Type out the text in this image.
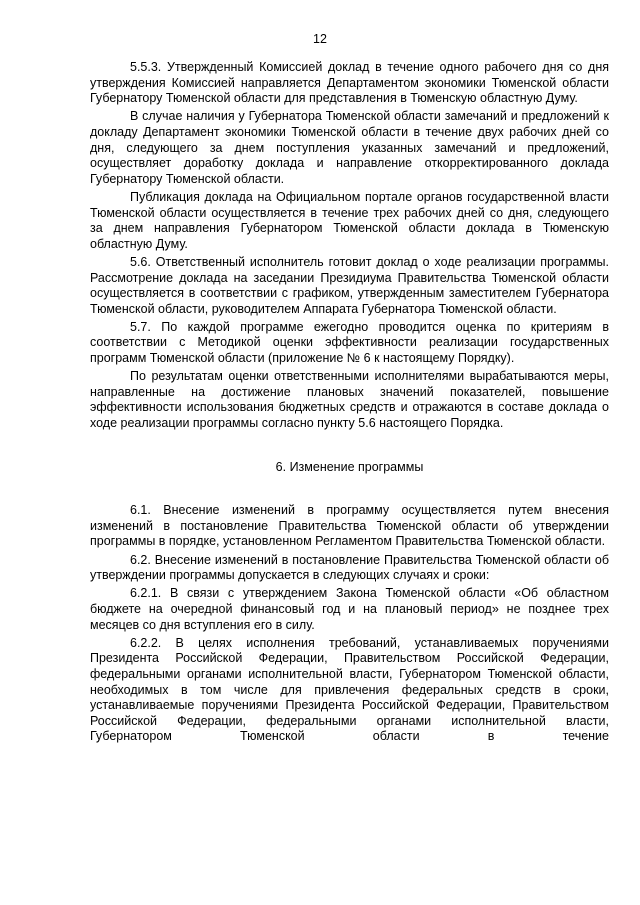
12

5.5.3. Утвержденный Комиссией доклад в течение одного рабочего дня со дня утверждения Комиссией направляется Департаментом экономики Тюменской области Губернатору Тюменской области для представления в Тюменскую областную Думу.

В случае наличия у Губернатора Тюменской области замечаний и предложений к докладу Департамент экономики Тюменской области в течение двух рабочих дней со дня, следующего за днем поступления указанных замечаний и предложений, осуществляет доработку доклада и направление откорректированного доклада Губернатору Тюменской области.

Публикация доклада на Официальном портале органов государственной власти Тюменской области осуществляется в течение трех рабочих дней со дня, следующего за днем направления Губернатором Тюменской области доклада в Тюменскую областную Думу.

5.6. Ответственный исполнитель готовит доклад о ходе реализации программы. Рассмотрение доклада на заседании Президиума Правительства Тюменской области осуществляется в соответствии с графиком, утвержденным заместителем Губернатора Тюменской области, руководителем Аппарата Губернатора Тюменской области.

5.7. По каждой программе ежегодно проводится оценка по критериям в соответствии с Методикой оценки эффективности реализации государственных программ Тюменской области (приложение № 6 к настоящему Порядку).

По результатам оценки ответственными исполнителями вырабатываются меры, направленные на достижение плановых значений показателей, повышение эффективности использования бюджетных средств и отражаются в составе доклада о ходе реализации программы согласно пункту 5.6 настоящего Порядка.

6. Изменение программы

6.1. Внесение изменений в программу осуществляется путем внесения изменений в постановление Правительства Тюменской области об утверждении программы в порядке, установленном Регламентом Правительства Тюменской области.

6.2. Внесение изменений в постановление Правительства Тюменской области об утверждении программы допускается в следующих случаях и сроки:

6.2.1. В связи с утверждением Закона Тюменской области «Об областном бюджете на очередной финансовый год и на плановый период» не позднее трех месяцев со дня вступления его в силу.

6.2.2. В целях исполнения требований, устанавливаемых поручениями Президента Российской Федерации, Правительством Российской Федерации, федеральными органами исполнительной власти, Губернатором Тюменской области, необходимых в том числе для привлечения федеральных средств в сроки, устанавливаемые поручениями Президента Российской Федерации, Правительством Российской Федерации, федеральными органами исполнительной власти, Губернатором Тюменской области в течение
